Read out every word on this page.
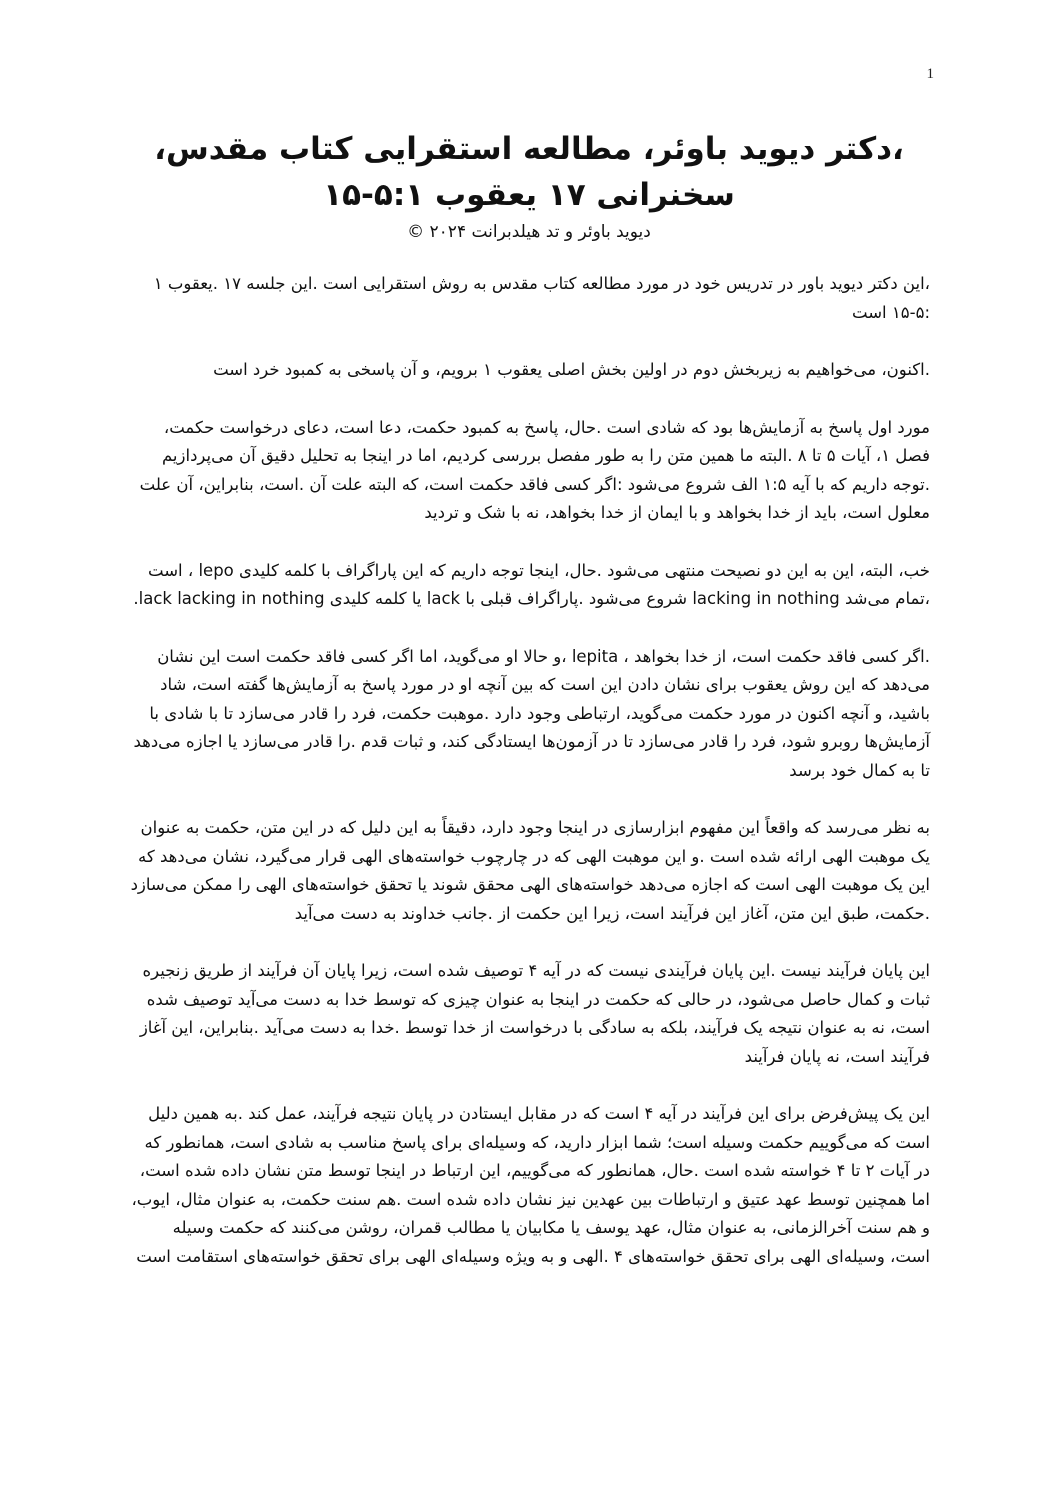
1
،دکتر دیوید باوئر، مطالعه استقرایی کتاب مقدس، سخنرانی ۱۷ یعقوب ۵:۱-۱۵
دیوید باوئر و تد هیلدبرانت ۲۰۲۴ ©

،این دکتر دیوید باور در تدریس خود در مورد مطالعه کتاب مقدس به روش استقرایی است .این جلسه ۱۷ .یعقوب ۱ :۵-۱۵ است

.اکنون، می‌خواهیم به زیربخش دوم در اولین بخش اصلی یعقوب ۱ برویم، و آن پاسخی به کمبود خرد است

مورد اول پاسخ به آزمایش‌ها بود که شادی است .حال، پاسخ به کمبود حکمت، دعا است، دعای درخواست حکمت، فصل ۱، آیات ۵ تا ۸ .البته ما همین متن را به طور مفصل بررسی کردیم، اما در اینجا به تحلیل دقیق آن می‌پردازیم .توجه داریم که با آیه ۱:۵ الف شروع می‌شود :اگر کسی فاقد حکمت است، که البته علت آن .است، بنابراین، آن علت معلول است، باید از خدا بخواهد و با ایمان از خدا بخواهد، نه با شک و تردید

خب، البته، این به این دو نصیحت منتهی می‌شود .حال، اینجا توجه داریم که این پاراگراف با کلمه کلیدی lepo ، است ،تمام می‌شد lacking in nothing شروع می‌شود .پاراگراف قبلی با lack یا کلمه کلیدی lack lacking in nothing.

.اگر کسی فاقد حکمت است، از خدا بخواهد ، lepita ،و حالا او می‌گوید، اما اگر کسی فاقد حکمت است این نشان می‌دهد که این روش یعقوب برای نشان دادن این است که بین آنچه او در مورد پاسخ به آزمایش‌ها گفته است، شاد باشید، و آنچه اکنون در مورد حکمت می‌گوید، ارتباطی وجود دارد .موهبت حکمت، فرد را قادر می‌سازد تا با شادی با آزمایش‌ها روبرو شود، فرد را قادر می‌سازد تا در آزمون‌ها ایستادگی کند، و ثبات قدم .را قادر می‌سازد یا اجازه می‌دهد تا به کمال خود برسد

به نظر می‌رسد که واقعاً این مفهوم ابزارسازی در اینجا وجود دارد، دقیقاً به این دلیل که در این متن، حکمت به عنوان یک موهبت الهی ارائه شده است .و این موهبت الهی که در چارچوب خواسته‌های الهی قرار می‌گیرد، نشان می‌دهد که این یک موهبت الهی است که اجازه می‌دهد خواسته‌های الهی محقق شوند یا تحقق خواسته‌های الهی را ممکن می‌سازد .حکمت، طبق این متن، آغاز این فرآیند است، زیرا این حکمت از .جانب خداوند به دست می‌آید

این پایان فرآیند نیست .این پایان فرآیندی نیست که در آیه ۴ توصیف شده است، زیرا پایان آن فرآیند از طریق زنجیره ثبات و کمال حاصل می‌شود، در حالی که حکمت در اینجا به عنوان چیزی که توسط خدا به دست می‌آید توصیف شده است، نه به عنوان نتیجه یک فرآیند، بلکه به سادگی با درخواست از خدا توسط .خدا به دست می‌آید .بنابراین، این آغاز فرآیند است، نه پایان فرآیند

این یک پیش‌فرض برای این فرآیند در آیه ۴ است که در مقابل ایستادن در پایان نتیجه فرآیند، عمل کند .به همین دلیل است که می‌گوییم حکمت وسیله است؛ شما ابزار دارید، که وسیله‌ای برای پاسخ مناسب به شادی است، همانطور که در آیات ۲ تا ۴ خواسته شده است .حال، همانطور که می‌گوییم، این ارتباط در اینجا توسط متن نشان داده شده است، اما همچنین توسط عهد عتیق و ارتباطات بین عهدین نیز نشان داده شده است .هم سنت حکمت، به عنوان مثال، ایوب، و هم سنت آخرالزمانی، به عنوان مثال، عهد یوسف یا مکابیان یا مطالب قمران، روشن می‌کنند که حکمت وسیله است، وسیله‌ای الهی برای تحقق خواسته‌های ۴ .الهی و به ویژه وسیله‌ای الهی برای تحقق خواسته‌های استقامت است
